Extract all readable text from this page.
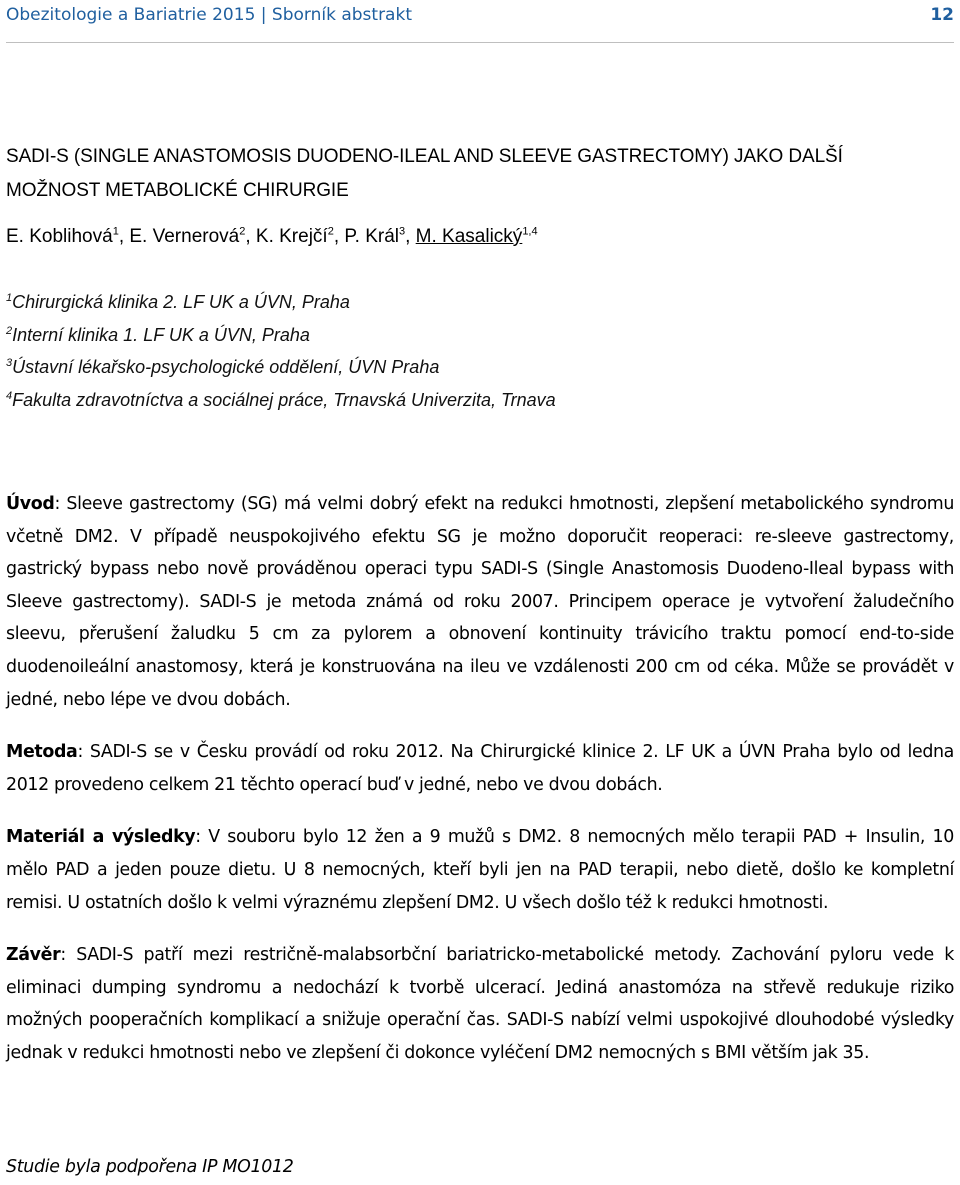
Obezitologie a Bariatrie 2015 | Sborník abstrakt	12
SADI-S (SINGLE ANASTOMOSIS DUODENO-ILEAL AND SLEEVE GASTRECTOMY) JAKO DALŠÍ
MOŽNOST METABOLICKÉ CHIRURGIE
E. Koblihová$^1$, E. Vernerová$^2$, K. Krejčí$^2$, P. Král$^3$, M. Kasalický$^{1,4}$
$^1$Chirurgická klinika 2. LF UK a ÚVN, Praha
$^2$Interní klinika 1. LF UK a ÚVN, Praha
$^3$Ústavní lékařsko-psychologické oddělení, ÚVN Praha
$^4$Fakulta zdravotníctva a sociálnej práce, Trnavská Univerzita, Trnava

Úvod: Sleeve gastrectomy (SG) má velmi dobrý efekt na redukci hmotnosti, zlepšení metabolického syndromu včetně DM2. V případě neuspokojivého efektu SG je možno doporučit reoperaci: re-sleeve gastrectomy, gastrický bypass nebo nově prováděnou operaci typu SADI-S (Single Anastomosis Duodeno-Ileal bypass with Sleeve gastrectomy). SADI-S je metoda známá od roku 2007. Principem operace je vytvoření žaludečního sleevu, přerušení žaludku 5 cm za pylorem a obnovení kontinuity trávicího traktu pomocí end-to-side duodenoileální anastomosy, která je konstruována na ileu ve vzdálenosti 200 cm od céka. Může se provádět v jedné, nebo lépe ve dvou dobách.

Metoda: SADI-S se v Česku provádí od roku 2012. Na Chirurgické klinice 2. LF UK a ÚVN Praha bylo od ledna 2012 provedeno celkem 21 těchto operací buď v jedné, nebo ve dvou dobách.

Materiál a výsledky: V souboru bylo 12 žen a 9 mužů s DM2. 8 nemocných mělo terapii PAD + Insulin, 10 mělo PAD a jeden pouze dietu. U 8 nemocných, kteří byli jen na PAD terapii, nebo dietě, došlo ke kompletní remisi. U ostatních došlo k velmi výraznému zlepšení DM2. U všech došlo též k redukci hmotnosti.

Závěr: SADI-S patří mezi restričně-malabsorbční bariatricko-metabolické metody. Zachování pyloru vede k eliminaci dumping syndromu a nedochází k tvorbě ulcerací. Jediná anastomóza na střevě redukuje riziko možných pooperačních komplikací a snižuje operační čas. SADI-S nabízí velmi uspokojivé dlouhodobé výsledky jednak v redukci hmotnosti nebo ve zlepšení či dokonce vyléčení DM2 nemocných s BMI větším jak 35.

Studie byla podpořena IP MO1012
